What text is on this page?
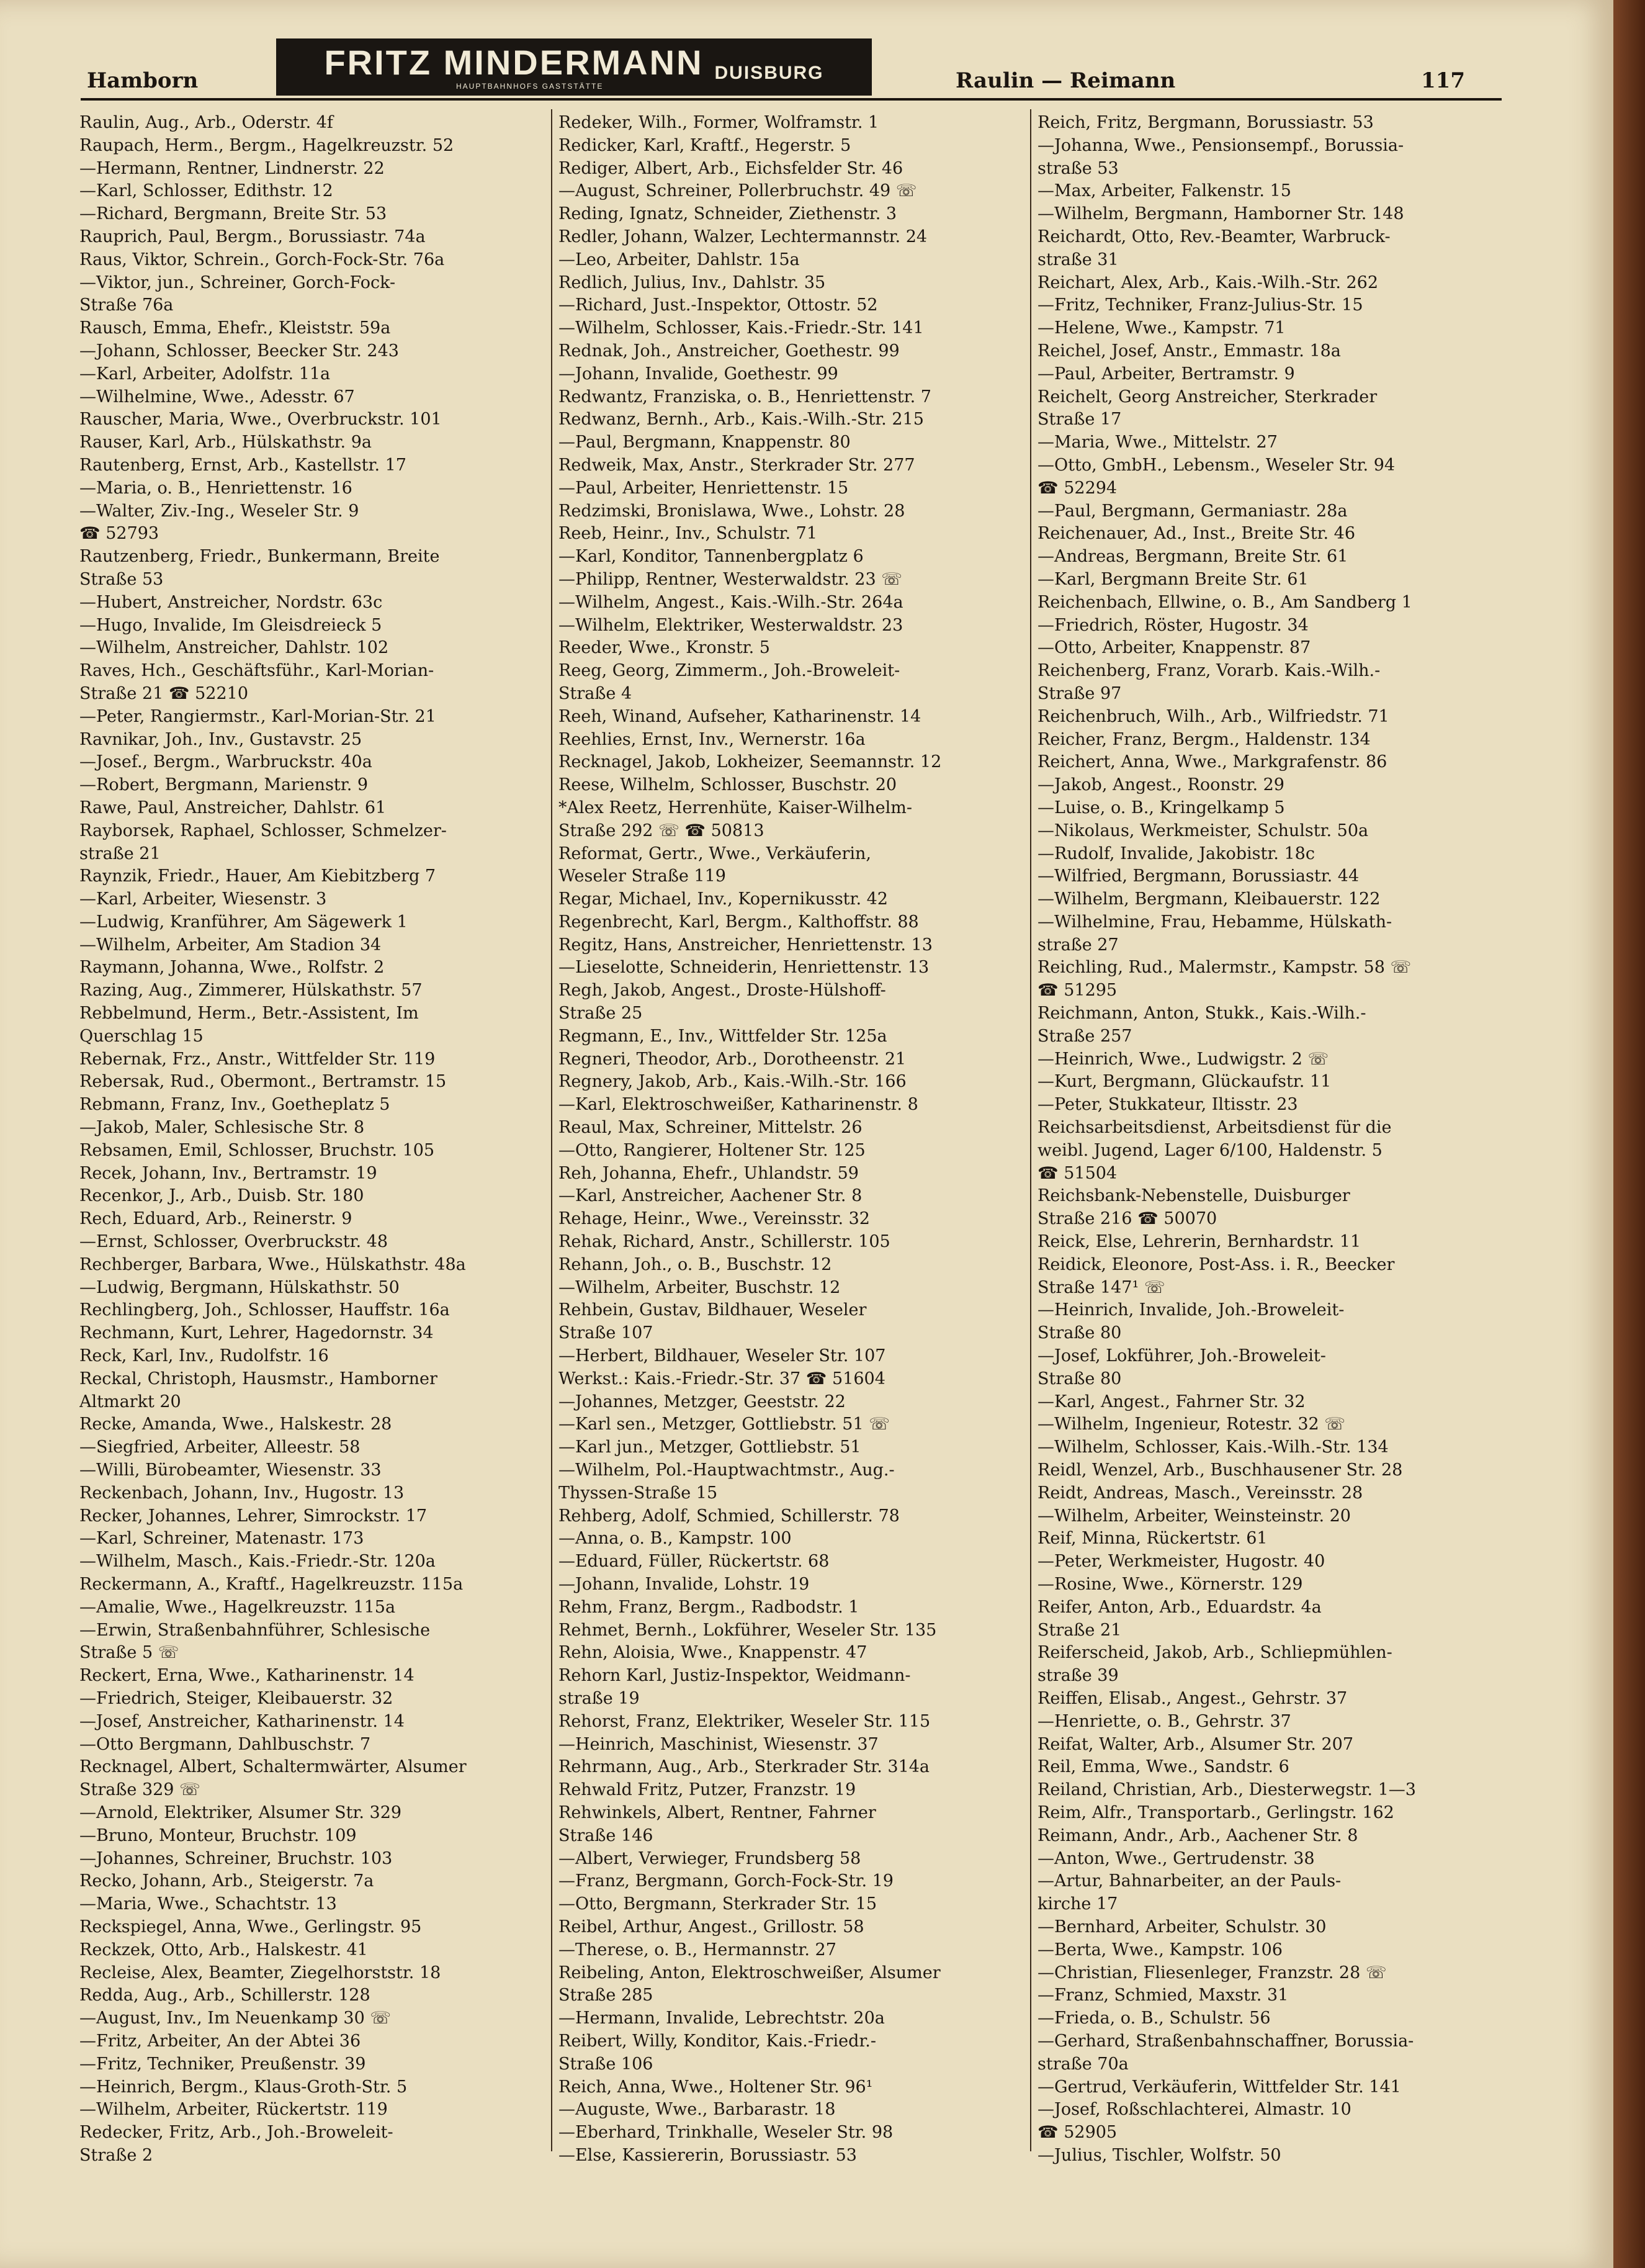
Hamborn	FRITZ MINDERMANN DUISBURG
HAUPTBAHNHOFS GASTSTÄTTE	Raulin — Reimann	117
Raulin, Aug., Arb., Oderstr. 4f
Raupach, Herm., Bergm., Hagelkreuzstr. 52
—Hermann, Rentner, Lindnerstr. 22
—Karl, Schlosser, Edithstr. 12
—Richard, Bergmann, Breite Str. 53
Rauprich, Paul, Bergm., Borussiastr. 74a
Raus, Viktor, Schrein., Gorch-Fock-Str. 76a
—Viktor, jun., Schreiner, Gorch-Fock-
Straße 76a
Rausch, Emma, Ehefr., Kleiststr. 59a
—Johann, Schlosser, Beecker Str. 243
—Karl, Arbeiter, Adolfstr. 11a
—Wilhelmine, Wwe., Adesstr. 67
Rauscher, Maria, Wwe., Overbruckstr. 101
Rauser, Karl, Arb., Hülskathstr. 9a
Rautenberg, Ernst, Arb., Kastellstr. 17
—Maria, o. B., Henriettenstr. 16
—Walter, Ziv.-Ing., Weseler Str. 9
☎ 52793
Rautzenberg, Friedr., Bunkermann, Breite
Straße 53
—Hubert, Anstreicher, Nordstr. 63c
—Hugo, Invalide, Im Gleisdreieck 5
—Wilhelm, Anstreicher, Dahlstr. 102
Raves, Hch., Geschäftsführ., Karl-Morian-
Straße 21 ☎ 52210
—Peter, Rangiermstr., Karl-Morian-Str. 21
Ravnikar, Joh., Inv., Gustavstr. 25
—Josef., Bergm., Warbruckstr. 40a
—Robert, Bergmann, Marienstr. 9
Rawe, Paul, Anstreicher, Dahlstr. 61
Rayborsek, Raphael, Schlosser, Schmelzer-
straße 21
Raynzik, Friedr., Hauer, Am Kiebitzberg 7
—Karl, Arbeiter, Wiesenstr. 3
—Ludwig, Kranführer, Am Sägewerk 1
—Wilhelm, Arbeiter, Am Stadion 34
Raymann, Johanna, Wwe., Rolfstr. 2
Razing, Aug., Zimmerer, Hülskathstr. 57
Rebbelmund, Herm., Betr.-Assistent, Im
Querschlag 15
Rebernak, Frz., Anstr., Wittfelder Str. 119
Rebersak, Rud., Obermont., Bertramstr. 15
Rebmann, Franz, Inv., Goetheplatz 5
—Jakob, Maler, Schlesische Str. 8
Rebsamen, Emil, Schlosser, Bruchstr. 105
Recek, Johann, Inv., Bertramstr. 19
Recenkor, J., Arb., Duisb. Str. 180
Rech, Eduard, Arb., Reinerstr. 9
—Ernst, Schlosser, Overbruckstr. 48
Rechberger, Barbara, Wwe., Hülskathstr. 48a
—Ludwig, Bergmann, Hülskathstr. 50
Rechlingberg, Joh., Schlosser, Hauffstr. 16a
Rechmann, Kurt, Lehrer, Hagedornstr. 34
Reck, Karl, Inv., Rudolfstr. 16
Reckal, Christoph, Hausmstr., Hamborner
Altmarkt 20
Recke, Amanda, Wwe., Halskestr. 28
—Siegfried, Arbeiter, Alleestr. 58
—Willi, Bürobeamter, Wiesenstr. 33
Reckenbach, Johann, Inv., Hugostr. 13
Recker, Johannes, Lehrer, Simrockstr. 17
—Karl, Schreiner, Matenastr. 173
—Wilhelm, Masch., Kais.-Friedr.-Str. 120a
Reckermann, A., Kraftf., Hagelkreuzstr. 115a
—Amalie, Wwe., Hagelkreuzstr. 115a
—Erwin, Straßenbahnführer, Schlesische
Straße 5 ☏
Reckert, Erna, Wwe., Katharinenstr. 14
—Friedrich, Steiger, Kleibauerstr. 32
—Josef, Anstreicher, Katharinenstr. 14
—Otto Bergmann, Dahlbuschstr. 7
Recknagel, Albert, Schaltermwärter, Alsumer
Straße 329 ☏
—Arnold, Elektriker, Alsumer Str. 329
—Bruno, Monteur, Bruchstr. 109
—Johannes, Schreiner, Bruchstr. 103
Recko, Johann, Arb., Steigerstr. 7a
—Maria, Wwe., Schachtstr. 13
Reckspiegel, Anna, Wwe., Gerlingstr. 95
Reckzek, Otto, Arb., Halskestr. 41
Recleise, Alex, Beamter, Ziegelhorststr. 18
Redda, Aug., Arb., Schillerstr. 128
—August, Inv., Im Neuenkamp 30 ☏
—Fritz, Arbeiter, An der Abtei 36
—Fritz, Techniker, Preußenstr. 39
—Heinrich, Bergm., Klaus-Groth-Str. 5
—Wilhelm, Arbeiter, Rückertstr. 119
Redecker, Fritz, Arb., Joh.-Broweleit-
Straße 2
Redeker, Wilh., Former, Wolframstr. 1
Redicker, Karl, Kraftf., Hegerstr. 5
Rediger, Albert, Arb., Eichsfelder Str. 46
—August, Schreiner, Pollerbruchstr. 49 ☏
Reding, Ignatz, Schneider, Ziethenstr. 3
Redler, Johann, Walzer, Lechtermannstr. 24
—Leo, Arbeiter, Dahlstr. 15a
Redlich, Julius, Inv., Dahlstr. 35
—Richard, Just.-Inspektor, Ottostr. 52
—Wilhelm, Schlosser, Kais.-Friedr.-Str. 141
Rednak, Joh., Anstreicher, Goethestr. 99
—Johann, Invalide, Goethestr. 99
Redwantz, Franziska, o. B., Henriettenstr. 7
Redwanz, Bernh., Arb., Kais.-Wilh.-Str. 215
—Paul, Bergmann, Knappenstr. 80
Redweik, Max, Anstr., Sterkrader Str. 277
—Paul, Arbeiter, Henriettenstr. 15
Redzimski, Bronislawa, Wwe., Lohstr. 28
Reeb, Heinr., Inv., Schulstr. 71
—Karl, Konditor, Tannenbergplatz 6
—Philipp, Rentner, Westerwaldstr. 23 ☏
—Wilhelm, Angest., Kais.-Wilh.-Str. 264a
—Wilhelm, Elektriker, Westerwaldstr. 23
Reeder, Wwe., Kronstr. 5
Reeg, Georg, Zimmerm., Joh.-Broweleit-
Straße 4
Reeh, Winand, Aufseher, Katharinenstr. 14
Reehlies, Ernst, Inv., Wernerstr. 16a
Recknagel, Jakob, Lokheizer, Seemannstr. 12
Reese, Wilhelm, Schlosser, Buschstr. 20
*Alex Reetz, Herrenhüte, Kaiser-Wilhelm-
Straße 292 ☏ ☎ 50813
Reformat, Gertr., Wwe., Verkäuferin,
Weseler Straße 119
Regar, Michael, Inv., Kopernikusstr. 42
Regenbrecht, Karl, Bergm., Kalthoffstr. 88
Regitz, Hans, Anstreicher, Henriettenstr. 13
—Lieselotte, Schneiderin, Henriettenstr. 13
Regh, Jakob, Angest., Droste-Hülshoff-
Straße 25
Regmann, E., Inv., Wittfelder Str. 125a
Regneri, Theodor, Arb., Dorotheenstr. 21
Regnery, Jakob, Arb., Kais.-Wilh.-Str. 166
—Karl, Elektroschweißer, Katharinenstr. 8
Reaul, Max, Schreiner, Mittelstr. 26
—Otto, Rangierer, Holtener Str. 125
Reh, Johanna, Ehefr., Uhlandstr. 59
—Karl, Anstreicher, Aachener Str. 8
Rehage, Heinr., Wwe., Vereinsstr. 32
Rehak, Richard, Anstr., Schillerstr. 105
Rehann, Joh., o. B., Buschstr. 12
—Wilhelm, Arbeiter, Buschstr. 12
Rehbein, Gustav, Bildhauer, Weseler
Straße 107
—Herbert, Bildhauer, Weseler Str. 107
Werkst.: Kais.-Friedr.-Str. 37 ☎ 51604
—Johannes, Metzger, Geeststr. 22
—Karl sen., Metzger, Gottliebstr. 51 ☏
—Karl jun., Metzger, Gottliebstr. 51
—Wilhelm, Pol.-Hauptwachtmstr., Aug.-
Thyssen-Straße 15
Rehberg, Adolf, Schmied, Schillerstr. 78
—Anna, o. B., Kampstr. 100
—Eduard, Füller, Rückertstr. 68
—Johann, Invalide, Lohstr. 19
Rehm, Franz, Bergm., Radbodstr. 1
Rehmet, Bernh., Lokführer, Weseler Str. 135
Rehn, Aloisia, Wwe., Knappenstr. 47
Rehorn Karl, Justiz-Inspektor, Weidmann-
straße 19
Rehorst, Franz, Elektriker, Weseler Str. 115
—Heinrich, Maschinist, Wiesenstr. 37
Rehrmann, Aug., Arb., Sterkrader Str. 314a
Rehwald Fritz, Putzer, Franzstr. 19
Rehwinkels, Albert, Rentner, Fahrner
Straße 146
—Albert, Verwieger, Frundsberg 58
—Franz, Bergmann, Gorch-Fock-Str. 19
—Otto, Bergmann, Sterkrader Str. 15
Reibel, Arthur, Angest., Grillostr. 58
—Therese, o. B., Hermannstr. 27
Reibeling, Anton, Elektroschweißer, Alsumer
Straße 285
—Hermann, Invalide, Lebrechtstr. 20a
Reibert, Willy, Konditor, Kais.-Friedr.-
Straße 106
Reich, Anna, Wwe., Holtener Str. 96¹
—Auguste, Wwe., Barbarastr. 18
—Eberhard, Trinkhalle, Weseler Str. 98
—Else, Kassiererin, Borussiastr. 53
Reich, Fritz, Bergmann, Borussiastr. 53
—Johanna, Wwe., Pensionsempf., Borussia-
straße 53
—Max, Arbeiter, Falkenstr. 15
—Wilhelm, Bergmann, Hamborner Str. 148
Reichardt, Otto, Rev.-Beamter, Warbruck-
straße 31
Reichart, Alex, Arb., Kais.-Wilh.-Str. 262
—Fritz, Techniker, Franz-Julius-Str. 15
—Helene, Wwe., Kampstr. 71
Reichel, Josef, Anstr., Emmastr. 18a
—Paul, Arbeiter, Bertramstr. 9
Reichelt, Georg Anstreicher, Sterkrader
Straße 17
—Maria, Wwe., Mittelstr. 27
—Otto, GmbH., Lebensm., Weseler Str. 94
☎ 52294
—Paul, Bergmann, Germaniastr. 28a
Reichenauer, Ad., Inst., Breite Str. 46
—Andreas, Bergmann, Breite Str. 61
—Karl, Bergmann Breite Str. 61
Reichenbach, Ellwine, o. B., Am Sandberg 1
—Friedrich, Röster, Hugostr. 34
—Otto, Arbeiter, Knappenstr. 87
Reichenberg, Franz, Vorarb. Kais.-Wilh.-
Straße 97
Reichenbruch, Wilh., Arb., Wilfriedstr. 71
Reicher, Franz, Bergm., Haldenstr. 134
Reichert, Anna, Wwe., Markgrafenstr. 86
—Jakob, Angest., Roonstr. 29
—Luise, o. B., Kringelkamp 5
—Nikolaus, Werkmeister, Schulstr. 50a
—Rudolf, Invalide, Jakobistr. 18c
—Wilfried, Bergmann, Borussiastr. 44
—Wilhelm, Bergmann, Kleibauerstr. 122
—Wilhelmine, Frau, Hebamme, Hülskath-
straße 27
Reichling, Rud., Malermstr., Kampstr. 58 ☏
☎ 51295
Reichmann, Anton, Stukk., Kais.-Wilh.-
Straße 257
—Heinrich, Wwe., Ludwigstr. 2 ☏
—Kurt, Bergmann, Glückaufstr. 11
—Peter, Stukkateur, Iltisstr. 23
Reichsarbeitsdienst, Arbeitsdienst für die
weibl. Jugend, Lager 6/100, Haldenstr. 5
☎ 51504
Reichsbank-Nebenstelle, Duisburger
Straße 216 ☎ 50070
Reick, Else, Lehrerin, Bernhardstr. 11
Reidick, Eleonore, Post-Ass. i. R., Beecker
Straße 147¹ ☏
—Heinrich, Invalide, Joh.-Broweleit-
Straße 80
—Josef, Lokführer, Joh.-Broweleit-
Straße 80
—Karl, Angest., Fahrner Str. 32
—Wilhelm, Ingenieur, Rotestr. 32 ☏
—Wilhelm, Schlosser, Kais.-Wilh.-Str. 134
Reidl, Wenzel, Arb., Buschhausener Str. 28
Reidt, Andreas, Masch., Vereinsstr. 28
—Wilhelm, Arbeiter, Weinsteinstr. 20
Reif, Minna, Rückertstr. 61
—Peter, Werkmeister, Hugostr. 40
—Rosine, Wwe., Körnerstr. 129
Reifer, Anton, Arb., Eduardstr. 4a
Straße 21
Reiferscheid, Jakob, Arb., Schliepmühlen-
straße 39
Reiffen, Elisab., Angest., Gehrstr. 37
—Henriette, o. B., Gehrstr. 37
Reifat, Walter, Arb., Alsumer Str. 207
Reil, Emma, Wwe., Sandstr. 6
Reiland, Christian, Arb., Diesterwegstr. 1—3
Reim, Alfr., Transportarb., Gerlingstr. 162
Reimann, Andr., Arb., Aachener Str. 8
—Anton, Wwe., Gertrudenstr. 38
—Artur, Bahnarbeiter, an der Pauls-
kirche 17
—Bernhard, Arbeiter, Schulstr. 30
—Berta, Wwe., Kampstr. 106
—Christian, Fliesenleger, Franzstr. 28 ☏
—Franz, Schmied, Maxstr. 31
—Frieda, o. B., Schulstr. 56
—Gerhard, Straßenbahnschaffner, Borussia-
straße 70a
—Gertrud, Verkäuferin, Wittfelder Str. 141
—Josef, Roßschlachterei, Almastr. 10
☎ 52905
—Julius, Tischler, Wolfstr. 50
